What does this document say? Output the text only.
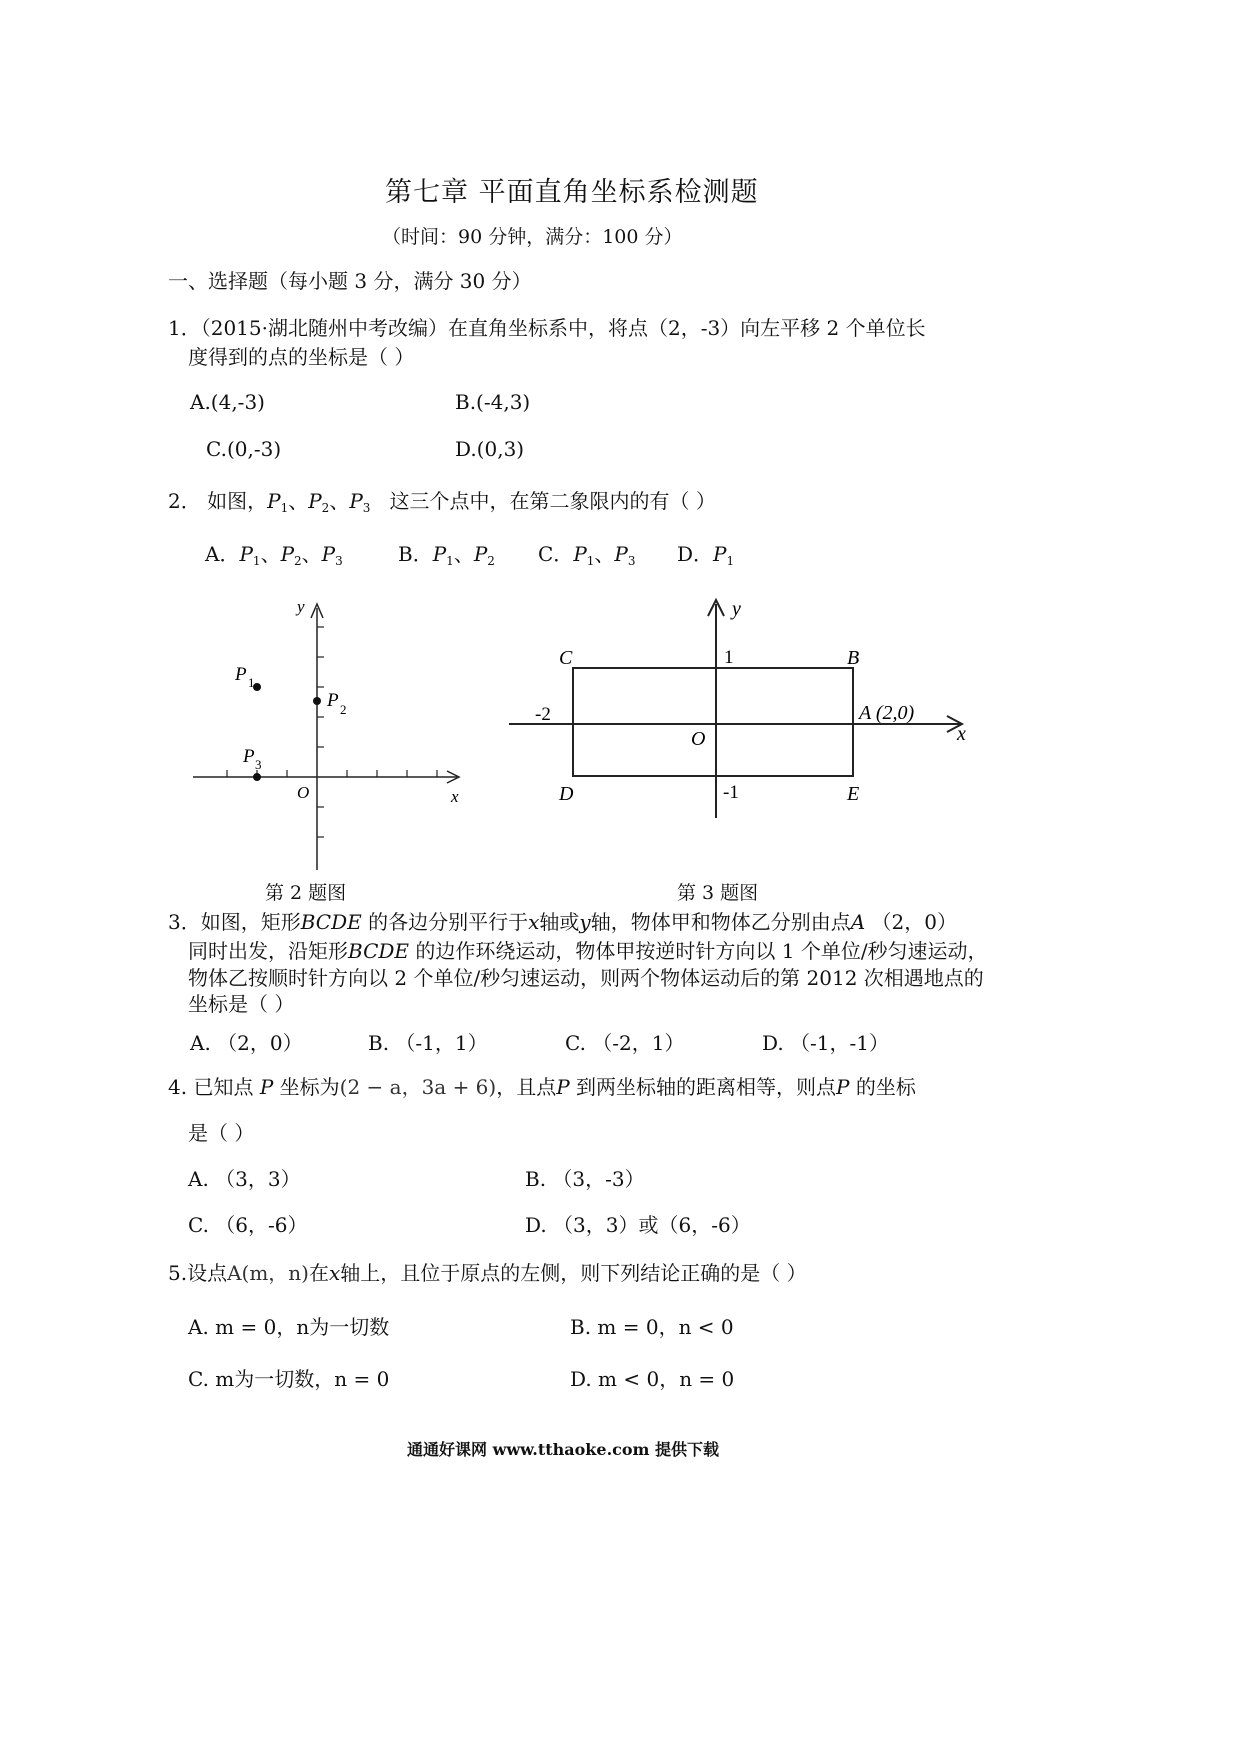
第七章 平面直角坐标系检测题
（时间：90 分钟，满分：100 分）
一、选择题（每小题 3 分，满分 30 分）
1．（2015·湖北随州中考改编）在直角坐标系中，将点（2，-3）向左平移 2 个单位长
度得到的点的坐标是（ ）
A.(4,-3)	B.(-4,3)
C.(0,-3)	D.(0,3)
2． 如图，$P_1$、$P_2$、$P_3$ 这三个点中，在第二象限内的有（ ）
A．$P_1$、$P_2$、$P_3$	B．$P_1$、$P_2$ C．$P_1$、$P_3$ D．$P_1$
P 1
P 2
P 3
O	x
y
第 2 题图
y
x
O
C	B
D	E
A (2,0)
1
-1
-2
第 3 题图
3．如图，矩形BCDE 的各边分别平行于x轴或y轴，物体甲和物体乙分别由点A （2，0）
同时出发，沿矩形BCDE 的边作环绕运动，物体甲按逆时针方向以 1 个单位/秒匀速运动，
物体乙按顺时针方向以 2 个单位/秒匀速运动，则两个物体运动后的第 2012 次相遇地点的
坐标是（ ）
A. （2，0）	B. （-1，1）	C. （-2，1）	D. （-1，-1）
4. 已知点 P 坐标为(2 − a，3a + 6)，且点P 到两坐标轴的距离相等，则点P 的坐标
是（ ）
A. （3，3）	B. （3，-3）
C. （6，-6）	D. （3，3）或（6，-6）
5.设点A(m，n)在x轴上，且位于原点的左侧，则下列结论正确的是（ ）
A. m = 0，n为一切数	B. m = 0，n < 0
C. m为一切数，n = 0	D. m < 0，n = 0
通通好课网 www.tthaoke.com 提供下载
